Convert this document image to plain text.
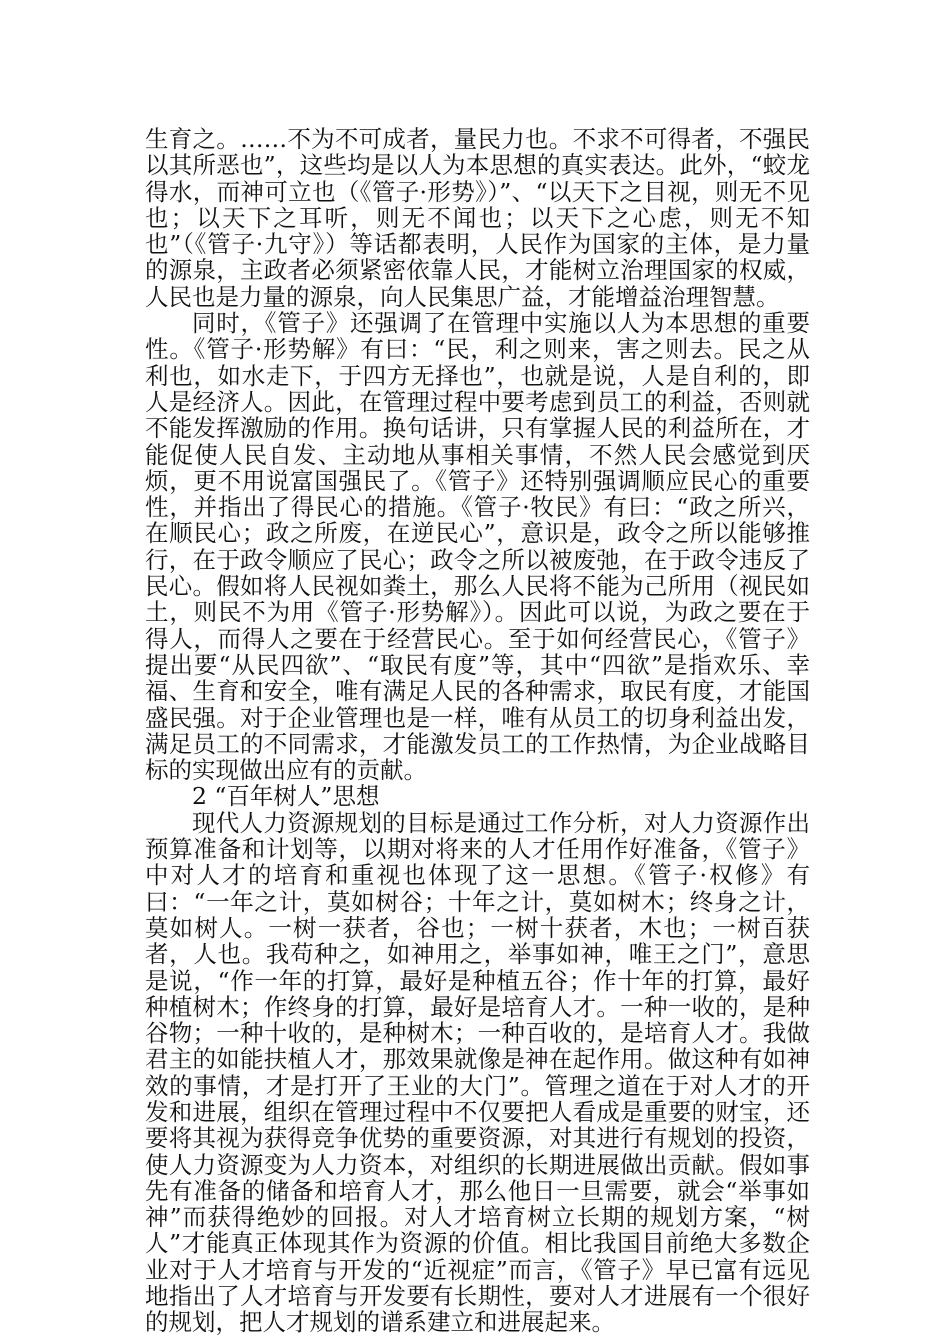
生育之。……不为不可成者，量民力也。不求不可得者，不强民以其所恶也”，这些均是以人为本思想的真实表达。此外，“蛟龙得水，而神可立也（《管子·形势》）”、“以天下之目视，则无不见也；以天下之耳听，则无不闻也；以天下之心虑，则无不知也”（《管子·九守》）等话都表明，人民作为国家的主体，是力量的源泉，主政者必须紧密依靠人民，才能树立治理国家的权威，人民也是力量的源泉，向人民集思广益，才能增益治理智慧。

同时，《管子》还强调了在管理中实施以人为本思想的重要性。《管子·形势解》有曰：“民，利之则来，害之则去。民之从利也，如水走下，于四方无择也”，也就是说，人是自利的，即人是经济人。因此，在管理过程中要考虑到员工的利益，否则就不能发挥激励的作用。换句话讲，只有掌握人民的利益所在，才能促使人民自发、主动地从事相关事情，不然人民会感觉到厌烦，更不用说富国强民了。《管子》还特别强调顺应民心的重要性，并指出了得民心的措施。《管子·牧民》有曰：“政之所兴，在顺民心；政之所废，在逆民心”，意识是，政令之所以能够推行，在于政令顺应了民心；政令之所以被废弛，在于政令违反了民心。假如将人民视如粪土，那么人民将不能为己所用（视民如土，则民不为用《管子·形势解》）。因此可以说，为政之要在于得人，而得人之要在于经营民心。至于如何经营民心，《管子》提出要“从民四欲”、“取民有度”等，其中“四欲”是指欢乐、幸福、生育和安全，唯有满足人民的各种需求，取民有度，才能国盛民强。对于企业管理也是一样，唯有从员工的切身利益出发，满足员工的不同需求，才能激发员工的工作热情，为企业战略目标的实现做出应有的贡献。

2 “百年树人”思想

现代人力资源规划的目标是通过工作分析，对人力资源作出预算准备和计划等，以期对将来的人才任用作好准备，《管子》中对人才的培育和重视也体现了这一思想。《管子·权修》有曰：“一年之计，莫如树谷；十年之计，莫如树木；终身之计，莫如树人。一树一获者，谷也；一树十获者，木也；一树百获者，人也。我苟种之，如神用之，举事如神，唯王之门”，意思是说，“作一年的打算，最好是种植五谷；作十年的打算，最好种植树木；作终身的打算，最好是培育人才。一种一收的，是种谷物；一种十收的，是种树木；一种百收的，是培育人才。我做君主的如能扶植人才，那效果就像是神在起作用。做这种有如神效的事情，才是打开了王业的大门”。管理之道在于对人才的开发和进展，组织在管理过程中不仅要把人看成是重要的财宝，还要将其视为获得竞争优势的重要资源，对其进行有规划的投资，使人力资源变为人力资本，对组织的长期进展做出贡献。假如事先有准备的储备和培育人才，那么他日一旦需要，就会“举事如神”而获得绝妙的回报。对人才培育树立长期的规划方案，“树人”才能真正体现其作为资源的价值。相比我国目前绝大多数企业对于人才培育与开发的“近视症”而言，《管子》早已富有远见地指出了人才培育与开发要有长期性，要对人才进展有一个很好的规划，把人才规划的谱系建立和进展起来。
